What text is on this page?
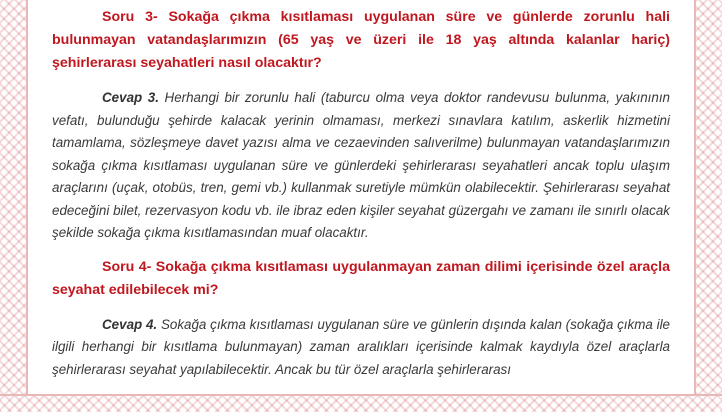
Soru 3- Sokağa çıkma kısıtlaması uygulanan süre ve günlerde zorunlu hali bulunmayan vatandaşlarımızın (65 yaş ve üzeri ile 18 yaş altında kalanlar hariç) şehirlerarası seyahatleri nasıl olacaktır?

Cevap 3. Herhangi bir zorunlu hali (taburcu olma veya doktor randevusu bulunma, yakınının vefatı, bulunduğu şehirde kalacak yerinin olmaması, merkezi sınavlara katılım, askerlik hizmetini tamamlama, sözleşmeye davet yazısı alma ve cezaevinden salıverilme) bulunmayan vatandaşlarımızın sokağa çıkma kısıtlaması uygulanan süre ve günlerdeki şehirlerarası seyahatleri ancak toplu ulaşım araçlarını (uçak, otobüs, tren, gemi vb.) kullanmak suretiyle mümkün olabilecektir. Şehirlerarası seyahat edeceğini bilet, rezervasyon kodu vb. ile ibraz eden kişiler seyahat güzergahı ve zamanı ile sınırlı olacak şekilde sokağa çıkma kısıtlamasından muaf olacaktır.

Soru 4- Sokağa çıkma kısıtlaması uygulanmayan zaman dilimi içerisinde özel araçla seyahat edilebilecek mi?

Cevap 4. Sokağa çıkma kısıtlaması uygulanan süre ve günlerin dışında kalan (sokağa çıkma ile ilgili herhangi bir kısıtlama bulunmayan) zaman aralıkları içerisinde kalmak kaydıyla özel araçlarla şehirlerarası seyahat yapılabilecektir. Ancak bu tür özel araçlarla şehirlerarası
